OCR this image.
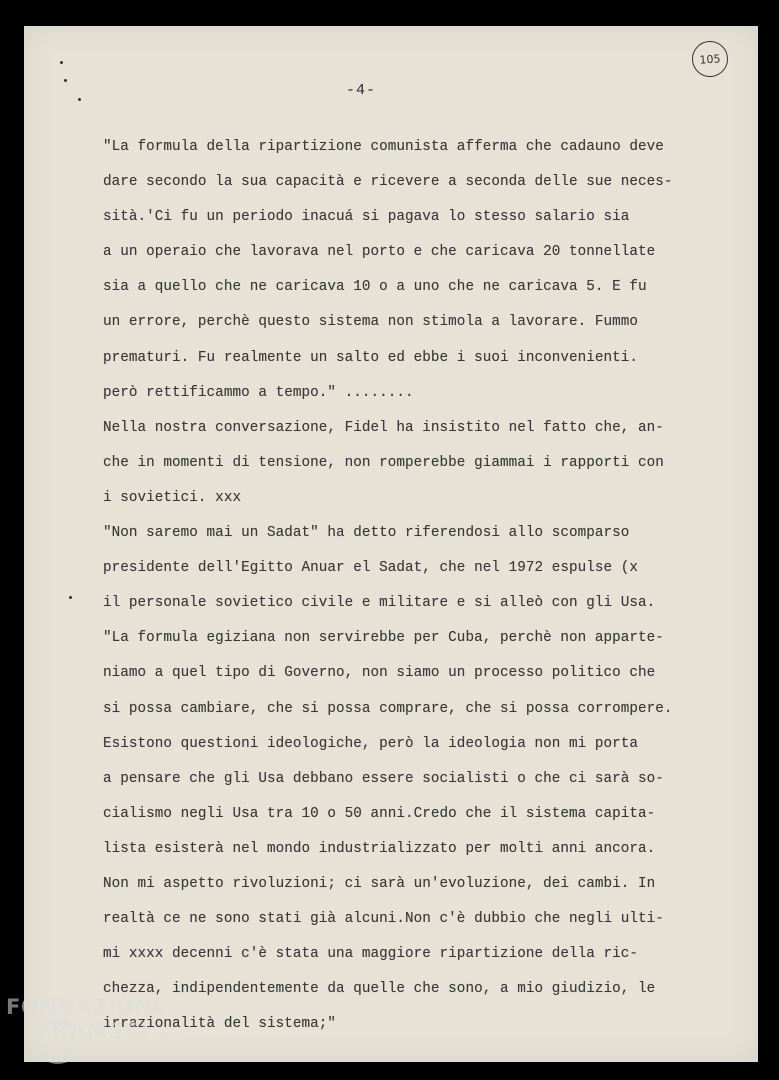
-4-
105
"La formula della ripartizione comunista afferma che cadauno deve
dare secondo la sua capacità e ricevere a seconda delle sue neces-
sità.'Ci fu un periodo inacuá si pagava lo stesso salario sia
a un operaio che lavorava nel porto e che caricava 20 tonnellate
sia a quello che ne caricava 10 o a uno che ne caricava 5. E fu
un errore, perchè questo sistema non stimola a lavorare. Fummo
prematuri. Fu realmente un salto ed ebbe i suoi inconvenienti.
però rettificammo a tempo." ........
Nella nostra conversazione, Fidel ha insistito nel fatto che, an-
che in momenti di tensione, non romperebbe giammai i rapporti con
i sovietici. xxx
"Non saremo mai un Sadat" ha detto riferendosi allo scomparso
presidente dell'Egitto Anuar el Sadat, che nel 1972 espulse (x
il personale sovietico civile e militare e si alleò con gli Usa.
"La formula egiziana non servirebbe per Cuba, perchè non apparte-
niamo a quel tipo di Governo, non siamo un processo politico che
si possa cambiare, che si possa comprare, che si possa corrompere.
Esistono questioni ideologiche, però la ideologia non mi porta
a pensare che gli Usa debbano essere socialisti o che ci sarà so-
cialismo negli Usa tra 10 o 50 anni.Credo che il sistema capita-
lista esisterà nel mondo industrializzato per molti anni ancora.
Non mi aspetto rivoluzioni; ci sarà un'evoluzione, dei cambi. In
realtà ce ne sono stati già alcuni.Non c'è dubbio che negli ulti-
mi xxxx decenni c'è stata una maggiore ripartizione della ric-
chezza, indipendentemente da quelle che sono, a mio giudizio, le
irrazionalità del sistema;"
FONDAZIONE
RAMSCI onlus
